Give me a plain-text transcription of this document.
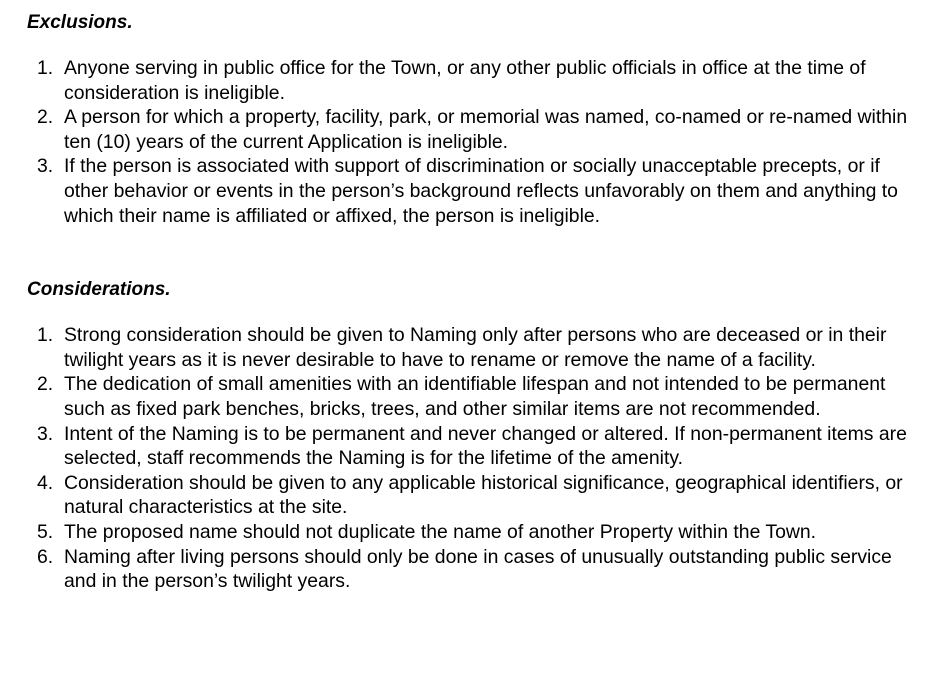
Exclusions.

1. Anyone serving in public office for the Town, or any other public officials in office at the time of consideration is ineligible.
2. A person for which a property, facility, park, or memorial was named, co-named or re-named within ten (10) years of the current Application is ineligible.
3. If the person is associated with support of discrimination or socially unacceptable precepts, or if other behavior or events in the person’s background reflects unfavorably on them and anything to which their name is affiliated or affixed, the person is ineligible.

Considerations.

1. Strong consideration should be given to Naming only after persons who are deceased or in their twilight years as it is never desirable to have to rename or remove the name of a facility.
2. The dedication of small amenities with an identifiable lifespan and not intended to be permanent such as fixed park benches, bricks, trees, and other similar items are not recommended.
3. Intent of the Naming is to be permanent and never changed or altered. If non-permanent items are selected, staff recommends the Naming is for the lifetime of the amenity.
4. Consideration should be given to any applicable historical significance, geographical identifiers, or natural characteristics at the site.
5. The proposed name should not duplicate the name of another Property within the Town.
6. Naming after living persons should only be done in cases of unusually outstanding public service and in the person’s twilight years.
